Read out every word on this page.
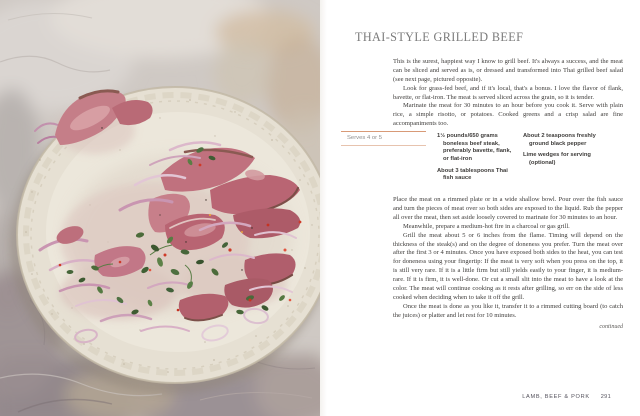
THAI-STYLE GRILLED BEEF

This is the surest, happiest way I know to grill beef. It's always a success, and the meat can be sliced and served as is, or dressed and transformed into Thai grilled beef salad (see next page, pictured opposite).

Look for grass-fed beef, and if it's local, that's a bonus. I love the flavor of flank, bavette, or flat-iron. The meat is served sliced across the grain, so it is tender.

Marinate the meat for 30 minutes to an hour before you cook it. Serve with plain rice, a simple risotto, or potatoes. Cooked greens and a crisp salad are fine accompaniments too.

Serves 4 or 5	1½ pounds/650 grams boneless beef steak, preferably bavette, flank, or flat-iron

About 3 tablespoons Thai fish sauce

About 2 teaspoons freshly ground black pepper

Lime wedges for serving (optional)

Place the meat on a rimmed plate or in a wide shallow bowl. Pour over the fish sauce and turn the pieces of meat over so both sides are exposed to the liquid. Rub the pepper all over the meat, then set aside loosely covered to marinate for 30 minutes to an hour.

Meanwhile, prepare a medium-hot fire in a charcoal or gas grill.

Grill the meat about 5 or 6 inches from the flame. Timing will depend on the thickness of the steak(s) and on the degree of doneness you prefer. Turn the meat over after the first 3 or 4 minutes. Once you have exposed both sides to the heat, you can test for doneness using your fingertip: If the meat is very soft when you press on the top, it is still very rare. If it is a little firm but still yields easily to your finger, it is medium-rare. If it is firm, it is well-done. Or cut a small slit into the meat to have a look at the color. The meat will continue cooking as it rests after grilling, so err on the side of less cooked when deciding when to take it off the grill.

Once the meat is done as you like it, transfer it to a rimmed cutting board (to catch the juices) or platter and let rest for 10 minutes.

continued
LAMB, BEEF & PORK 291
